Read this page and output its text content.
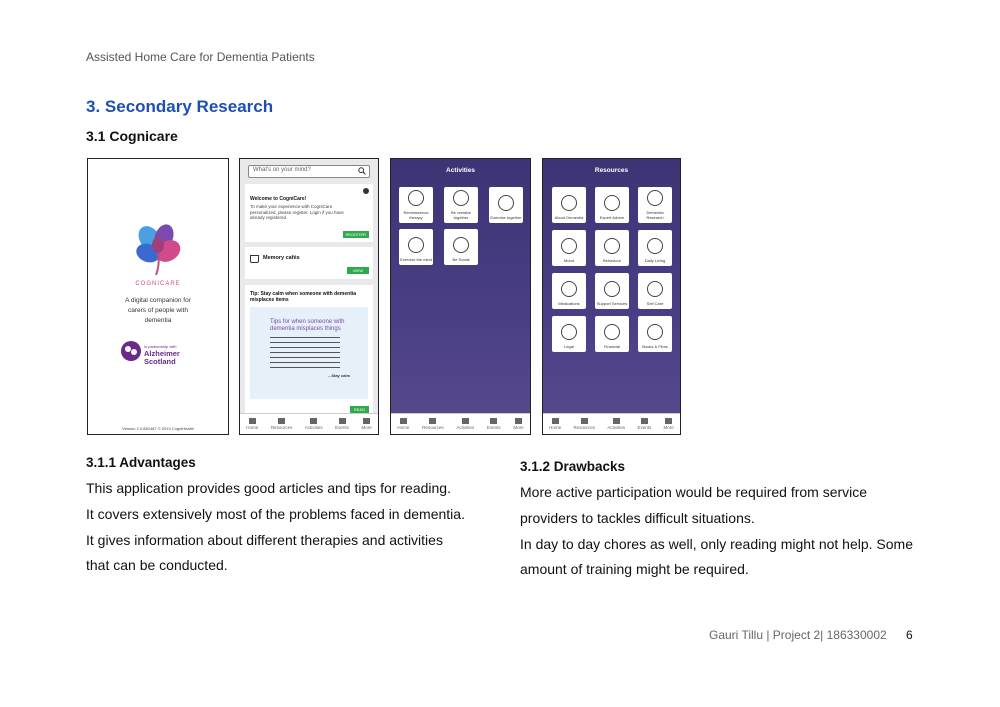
Assisted Home Care for Dementia Patients
3. Secondary Research
3.1 Cognicare
COGNICARE
A digital companion for carers of people with dementia
in partnership with
Alzheimer Scotland
Version 2.0.882487 © 2019 CogniHealth
What's on your mind?
Welcome to CogniCare!
To make your experience with CogniCare personalized, please register. Login if you have already registered.
REGISTER
Memory cafés
VIEW
Tip: Stay calm when someone with dementia misplaces items
Tips for when someone with dementia misplaces things
...Stay calm
READ
Home	Resources	Activities	Events	More
Activities
Reminiscence therapy
Be creative together	Exercise together
Exercise the mind	Be Social
Home	Resources	Activities	Events	More
Resources
About Dementia	Expert Advice
Dementia Research
Mood	Behaviour	Daily Living
Medications	Support Services	Self Care
Legal	Financial	Books & Films
Home	Resources	Activities	Events	More
3.1.1 Advantages
This application provides good articles and tips for reading.
It covers extensively most of the problems faced in dementia.
It gives information about different therapies and activities
that can be conducted.
3.1.2 Drawbacks
More active participation would be required from service
providers to tackles difficult situations.
In day to day chores as well, only reading might not help. Some
amount of training might be required.
Gauri Tillu | Project 2| 186330002 6
